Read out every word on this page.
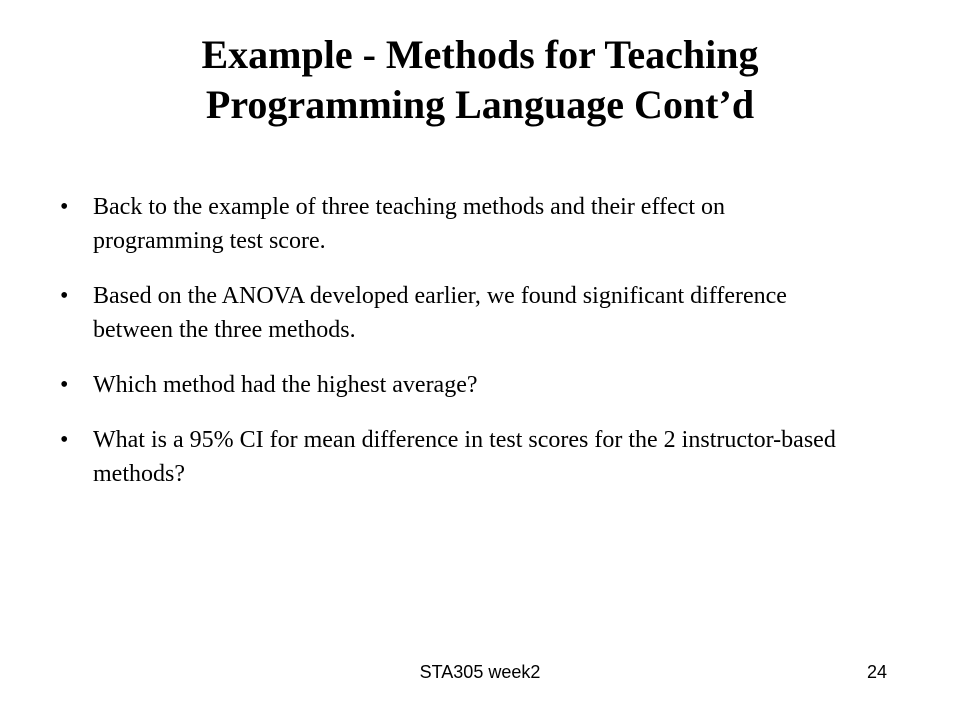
Example - Methods for Teaching
Programming Language Cont’d
• Back to the example of three teaching methods and their effect on programming test score.
• Based on the ANOVA developed earlier, we found significant difference between the three methods.
• Which method had the highest average?
• What is a 95% CI for mean difference in test scores for the 2 instructor-based methods?
STA305 week2	24
